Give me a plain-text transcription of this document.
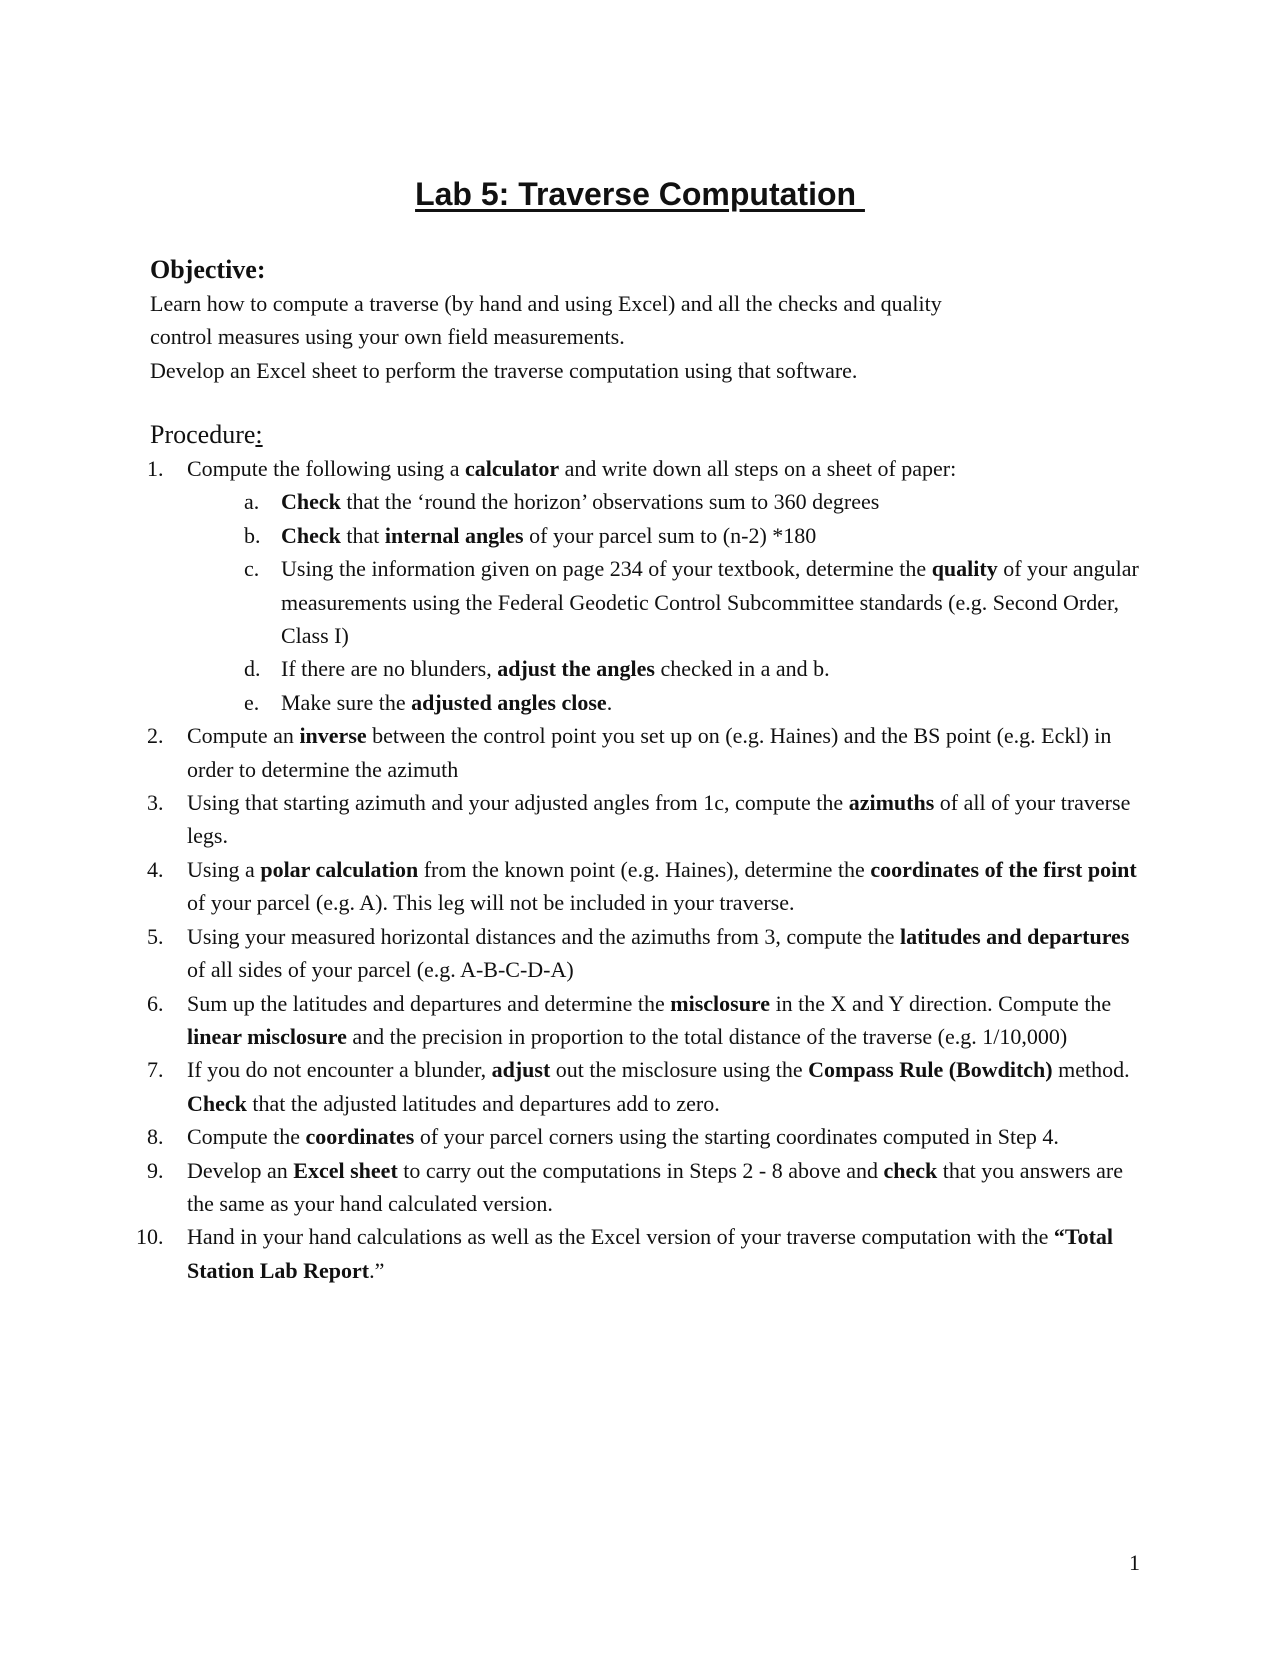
Lab 5: Traverse Computation
Objective:
Learn how to compute a traverse (by hand and using Excel) and all the checks and quality
control measures using your own field measurements.
Develop an Excel sheet to perform the traverse computation using that software.
Procedure:
1.	Compute the following using a calculator and write down all steps on a sheet of paper:
a. Check that the ‘round the horizon’ observations sum to 360 degrees
b. Check that internal angles of your parcel sum to (n-2) *180
c. Using the information given on page 234 of your textbook, determine the quality of your angular measurements using the Federal Geodetic Control Subcommittee standards (e.g. Second Order, Class I)
d. If there are no blunders, adjust the angles checked in a and b.
e. Make sure the adjusted angles close.
2.	Compute an inverse between the control point you set up on (e.g. Haines) and the BS point (e.g. Eckl) in order to determine the azimuth
3.	Using that starting azimuth and your adjusted angles from 1c, compute the azimuths of all of your traverse legs.
4.	Using a polar calculation from the known point (e.g. Haines), determine the coordinates of the first point of your parcel (e.g. A). This leg will not be included in your traverse.
5.	Using your measured horizontal distances and the azimuths from 3, compute the latitudes and departures of all sides of your parcel (e.g. A-B-C-D-A)
6.	Sum up the latitudes and departures and determine the misclosure in the X and Y direction. Compute the linear misclosure and the precision in proportion to the total distance of the traverse (e.g. 1/10,000)
7.	If you do not encounter a blunder, adjust out the misclosure using the Compass Rule (Bowditch) method. Check that the adjusted latitudes and departures add to zero.
8.	Compute the coordinates of your parcel corners using the starting coordinates computed in Step 4.
9.	Develop an Excel sheet to carry out the computations in Steps 2 - 8 above and check that you answers are the same as your hand calculated version.
10. Hand in your hand calculations as well as the Excel version of your traverse computation with the “Total Station Lab Report.”
1
